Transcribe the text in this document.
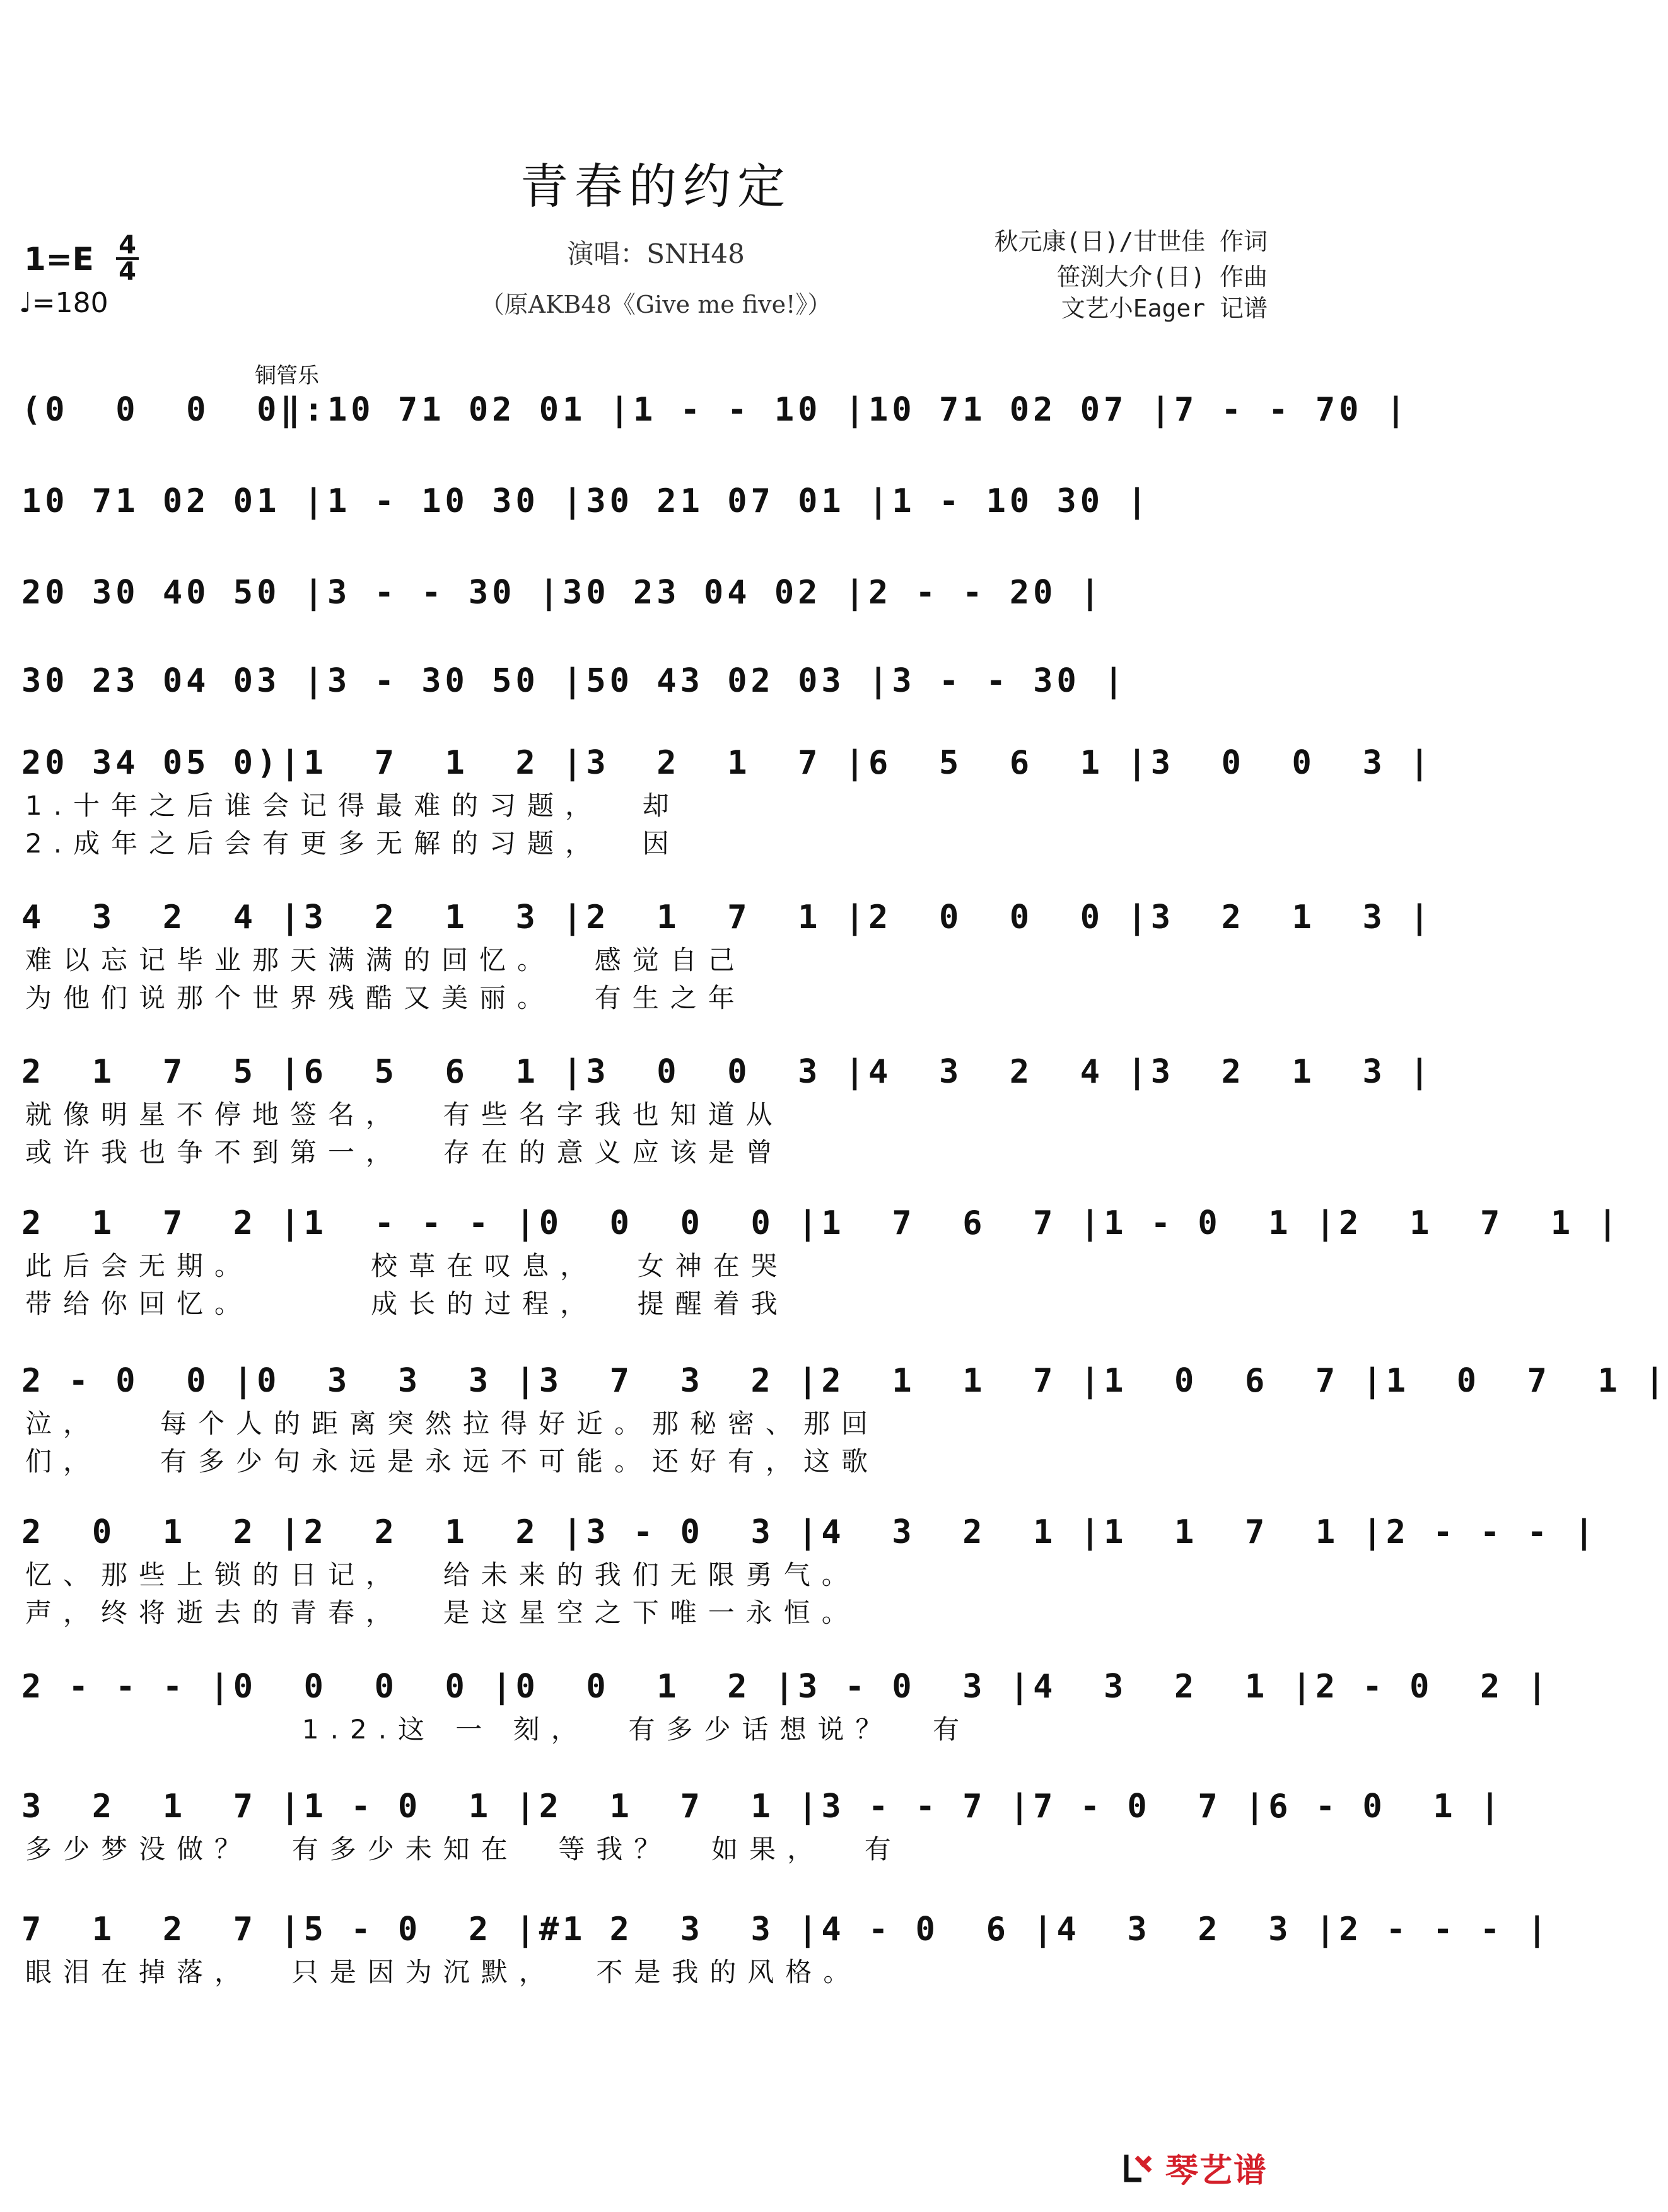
青春的约定
演唱：SNH48
（原AKB48《Give me five!》）
1=E 4
4
♩=180
秋元康(日)/甘世佳 作词
笹渕大介(日) 作曲
文艺小Eager 记谱
铜管乐
(0  0  0  0‖:10 71 02 01 |1 - - 10 |10 71 02 07 |7 - - 70 |
10 71 02 01 |1 - 10 30 |30 21 07 01 |1 - 10 30 |
20 30 40 50 |3 - - 30 |30 23 04 02 |2 - - 20 |
30 23 04 03 |3 - 30 50 |50 43 02 03 |3 - - 30 |
20 34 05 0)|1  7  1  2 |3  2  1  7 |6  5  6  1 |3  0  0  3 |
1.十年之后谁会记得最难的习题，  却
2.成年之后会有更多无解的习题，  因
4  3  2  4 |3  2  1  3 |2  1  7  1 |2  0  0  0 |3  2  1  3 |
难以忘记毕业那天满满的回忆。  感觉自己
为他们说那个世界残酷又美丽。  有生之年
2  1  7  5 |6  5  6  1 |3  0  0  3 |4  3  2  4 |3  2  1  3 |
就像明星不停地签名，  有些名字我也知道从
或许我也争不到第一，  存在的意义应该是曾
2  1  7  2 |1  - - - |0  0  0  0 |1  7  6  7 |1 - 0  1 |2  1  7  1 |
此后会无期。      校草在叹息，  女神在哭
带给你回忆。      成长的过程，  提醒着我
2 - 0  0 |0  3  3  3 |3  7  3  2 |2  1  1  7 |1  0  6  7 |1  0  7  1 |
泣，   每个人的距离突然拉得好近。那秘密、那回
们，   有多少句永远是永远不可能。还好有，这歌
2  0  1  2 |2  2  1  2 |3 - 0  3 |4  3  2  1 |1  1  7  1 |2 - - - |
忆、那些上锁的日记，  给未来的我们无限勇气。
声，终将逝去的青春，  是这星空之下唯一永恒。
2 - - - |0  0  0  0 |0  0  1  2 |3 - 0  3 |4  3  2  1 |2 - 0  2 |
1.2.这 一 刻，  有多少话想说？  有
3  2  1  7 |1 - 0  1 |2  1  7  1 |3 - - 7 |7 - 0  7 |6 - 0  1 |
多少梦没做？  有多少未知在  等我？  如果，  有
7  1  2  7 |5 - 0  2 |#1 2  3  3 |4 - 0  6 |4  3  2  3 |2 - - - |
眼泪在掉落，  只是因为沉默，  不是我的风格。
琴艺谱
